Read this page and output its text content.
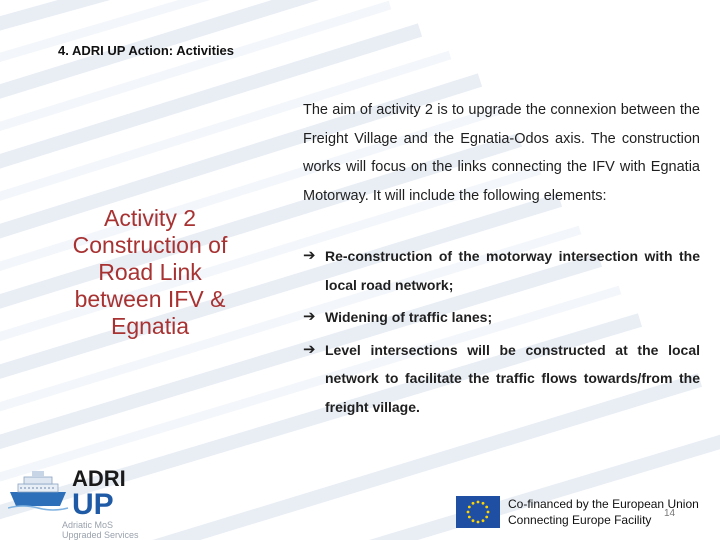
4. ADRI UP Action: Activities
Activity 2
Construction of
Road Link
between IFV &
Egnatia

The aim of activity 2 is to upgrade the connexion between the Freight Village and the Egnatia-Odos axis. The construction works will focus on the links connecting the IFV with Egnatia Motorway. It will include the following elements:

➔ Re-construction of the motorway intersection with the local road network;
➔ Widening of traffic lanes;
➔ Level intersections will be constructed at the local network to facilitate the traffic flows towards/from the freight village.
ADRI
UP
Adriatic MoS
Upgraded Services
Co-financed by the European Union
Connecting Europe Facility	14
